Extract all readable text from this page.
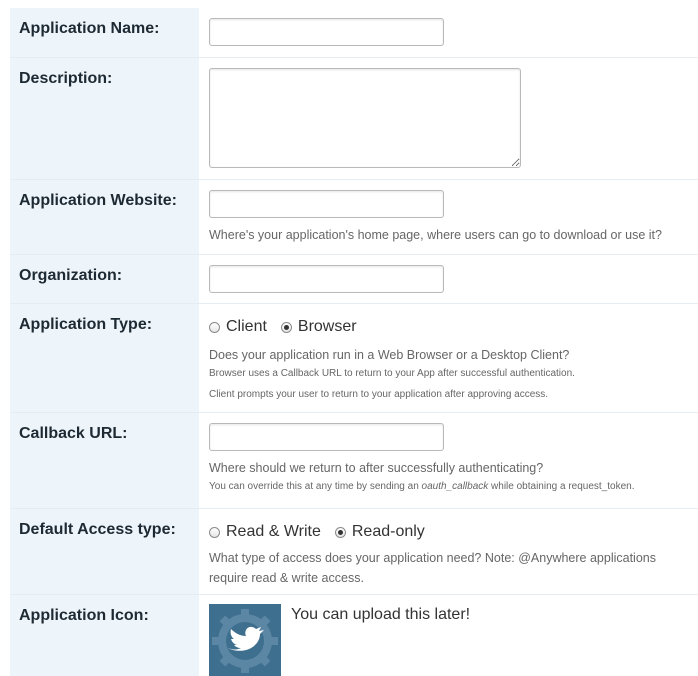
Application Name:
Description:
Application Website:
Where's your application's home page, where users can go to download or use it?
Organization:
Application Type:	Client Browser
Does your application run in a Web Browser or a Desktop Client?
Browser uses a Callback URL to return to your App after successful authentication.
Client prompts your user to return to your application after approving access.
Callback URL:
Where should we return to after successfully authenticating?
You can override this at any time by sending an oauth_callback while obtaining a request_token.
Default Access type:	Read & Write Read-only
What type of access does your application need? Note: @Anywhere applications require read & write access.
Application Icon:	You can upload this later!
